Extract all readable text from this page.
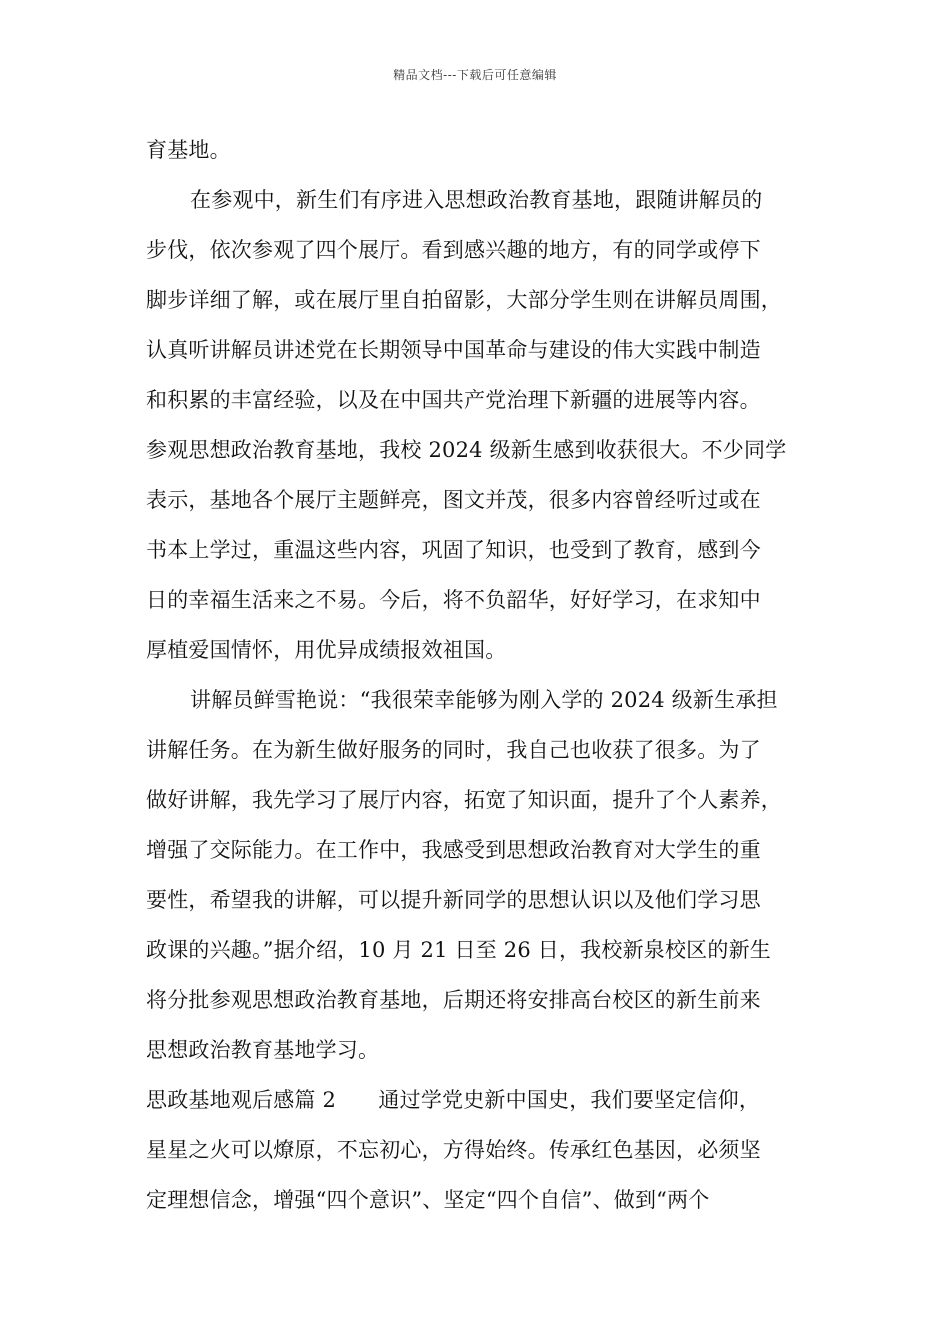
精品文档---下载后可任意编辑
育基地。
在参观中，新生们有序进入思想政治教育基地，跟随讲解员的
步伐，依次参观了四个展厅。看到感兴趣的地方，有的同学或停下
脚步详细了解，或在展厅里自拍留影，大部分学生则在讲解员周围，
认真听讲解员讲述党在长期领导中国革命与建设的伟大实践中制造
和积累的丰富经验，以及在中国共产党治理下新疆的进展等内容。
参观思想政治教育基地，我校 2024 级新生感到收获很大。不少同学
表示，基地各个展厅主题鲜亮，图文并茂，很多内容曾经听过或在
书本上学过，重温这些内容，巩固了知识，也受到了教育，感到今
日的幸福生活来之不易。今后，将不负韶华，好好学习，在求知中
厚植爱国情怀，用优异成绩报效祖国。
讲解员鲜雪艳说：“我很荣幸能够为刚入学的 2024 级新生承担
讲解任务。在为新生做好服务的同时，我自己也收获了很多。为了
做好讲解，我先学习了展厅内容，拓宽了知识面，提升了个人素养，
增强了交际能力。在工作中，我感受到思想政治教育对大学生的重
要性，希望我的讲解，可以提升新同学的思想认识以及他们学习思
政课的兴趣。”据介绍，10 月 21 日至 26 日，我校新泉校区的新生
将分批参观思想政治教育基地，后期还将安排高台校区的新生前来
思想政治教育基地学习。
思政基地观后感篇 2　　通过学党史新中国史，我们要坚定信仰，
星星之火可以燎原，不忘初心，方得始终。传承红色基因，必须坚
定理想信念，增强“四个意识”、坚定“四个自信”、做到“两个
